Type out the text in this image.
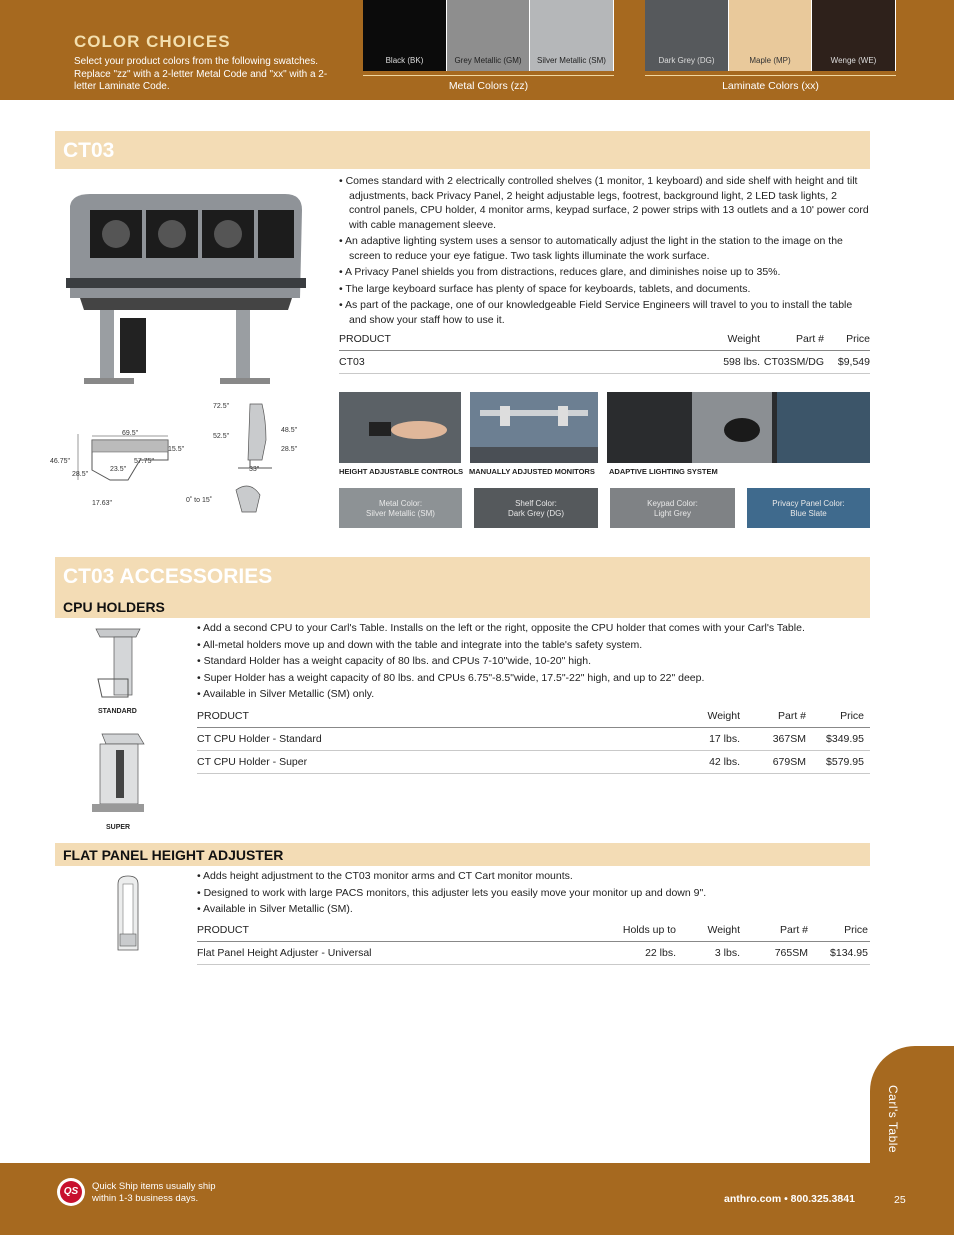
COLOR CHOICES
Select your product colors from the following swatches. Replace "zz" with a 2-letter Metal Code and "xx" with a 2-letter Laminate Code.
Black (BK)	Grey Metallic (GM)	Silver Metallic (SM)
Metal Colors (zz)
Dark Grey (DG)	Maple (MP)	Wenge (WE)
Laminate Colors (xx)
CT03
69.5"
15.5"
46.75"	57.75"
28.5"
23.5"
17.63"
72.5"
52.5"
48.5"
28.5"
33"
0˚ to 15˚
• Comes standard with 2 electrically controlled shelves (1 monitor, 1 keyboard) and side shelf with height and tilt adjustments, back Privacy Panel, 2 height adjustable legs, footrest, background light, 2 LED task lights, 2 control panels, CPU holder, 4 monitor arms, keypad surface, 2 power strips with 13 outlets and a 10' power cord with cable management sleeve.
• An adaptive lighting system uses a sensor to automatically adjust the light in the station to the image on the screen to reduce your eye fatigue. Two task lights illuminate the work surface.
• A Privacy Panel shields you from distractions, reduces glare, and diminishes noise up to 35%.
• The large keyboard surface has plenty of space for keyboards, tablets, and documents.
• As part of the package, one of our knowledgeable Field Service Engineers will travel to you to install the table and show your staff how to use it.
PRODUCT	Weight	Part #	Price
CT03	598 lbs.	CT03SM/DG	$9,549
HEIGHT ADJUSTABLE CONTROLS MANUALLY ADJUSTED MONITORS ADAPTIVE LIGHTING SYSTEM
Metal Color:
Silver Metallic (SM)
Shelf Color:
Dark Grey (DG)
Keypad Color:
Light Grey
Privacy Panel Color:
Blue Slate
CT03 ACCESSORIES
CPU HOLDERS
STANDARD
SUPER
• Add a second CPU to your Carl's Table. Installs on the left or the right, opposite the CPU holder that comes with your Carl's Table.
• All-metal holders move up and down with the table and integrate into the table's safety system.
• Standard Holder has a weight capacity of 80 lbs. and CPUs 7-10"wide, 10-20" high.
• Super Holder has a weight capacity of 80 lbs. and CPUs 6.75"-8.5"wide, 17.5"-22" high, and up to 22" deep.
• Available in Silver Metallic (SM) only.
PRODUCT	Weight	Part #	Price
CT CPU Holder - Standard	17 lbs.	367SM	$349.95
CT CPU Holder - Super	42 lbs.	679SM	$579.95
FLAT PANEL HEIGHT ADJUSTER
• Adds height adjustment to the CT03 monitor arms and CT Cart monitor mounts.
• Designed to work with large PACS monitors, this adjuster lets you easily move your monitor up and down 9".
• Available in Silver Metallic (SM).
PRODUCT	Holds up to	Weight	Part #	Price
Flat Panel Height Adjuster - Universal	22 lbs.	3 lbs.	765SM	$134.95
Carl's Table
QS	Quick Ship items usually ship
within 1-3 business days.	anthro.com • 800.325.3841	25
